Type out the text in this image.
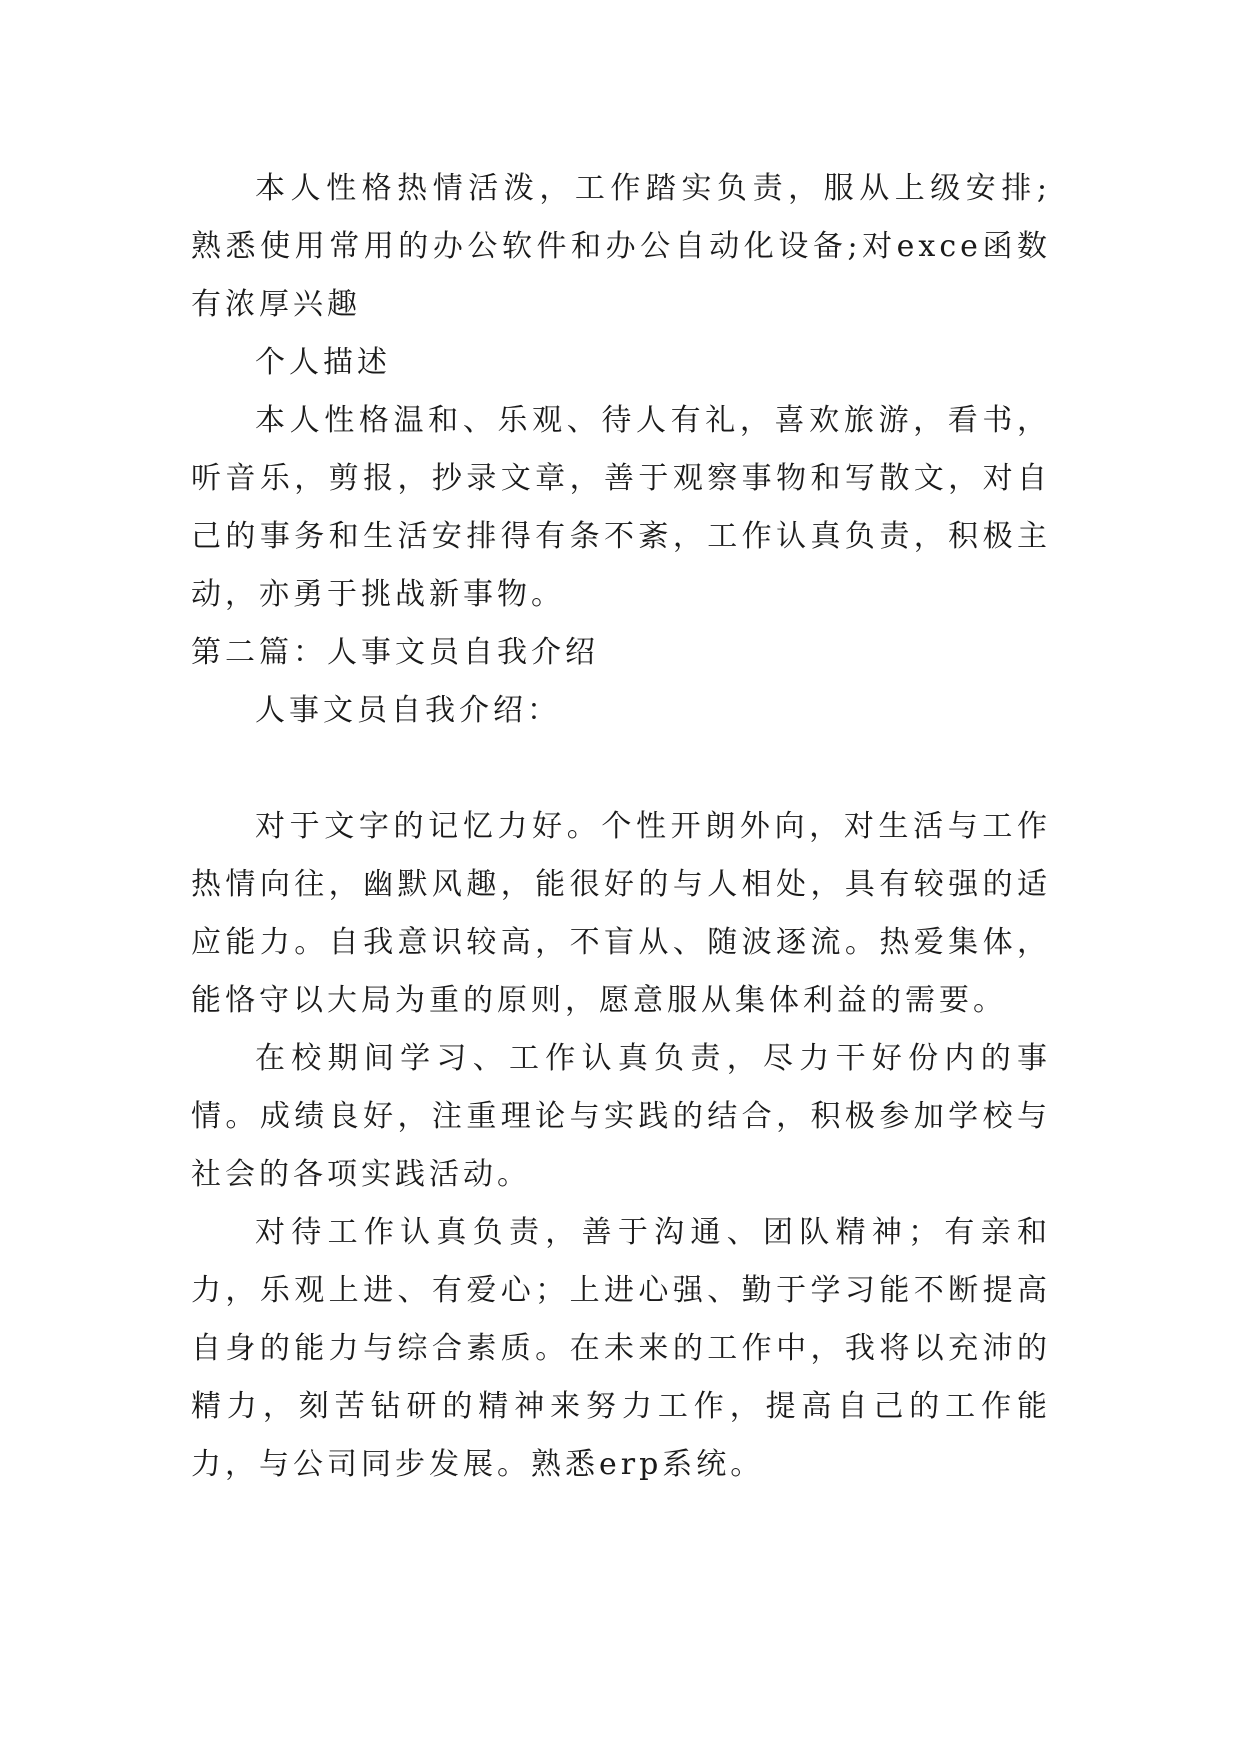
本人性格热情活泼，工作踏实负责，服从上级安排;熟悉使用常用的办公软件和办公自动化设备;对exce函数有浓厚兴趣

个人描述

本人性格温和、乐观、待人有礼，喜欢旅游，看书，听音乐，剪报，抄录文章，善于观察事物和写散文，对自己的事务和生活安排得有条不紊，工作认真负责，积极主动，亦勇于挑战新事物。

第二篇：人事文员自我介绍

人事文员自我介绍：

对于文字的记忆力好。个性开朗外向，对生活与工作热情向往，幽默风趣，能很好的与人相处，具有较强的适应能力。自我意识较高，不盲从、随波逐流。热爱集体，能恪守以大局为重的原则，愿意服从集体利益的需要。

在校期间学习、工作认真负责，尽力干好份内的事情。成绩良好，注重理论与实践的结合，积极参加学校与社会的各项实践活动。

对待工作认真负责，善于沟通、团队精神；有亲和力，乐观上进、有爱心；上进心强、勤于学习能不断提高自身的能力与综合素质。在未来的工作中，我将以充沛的精力，刻苦钻研的精神来努力工作，提高自己的工作能力，与公司同步发展。熟悉erp系统。
